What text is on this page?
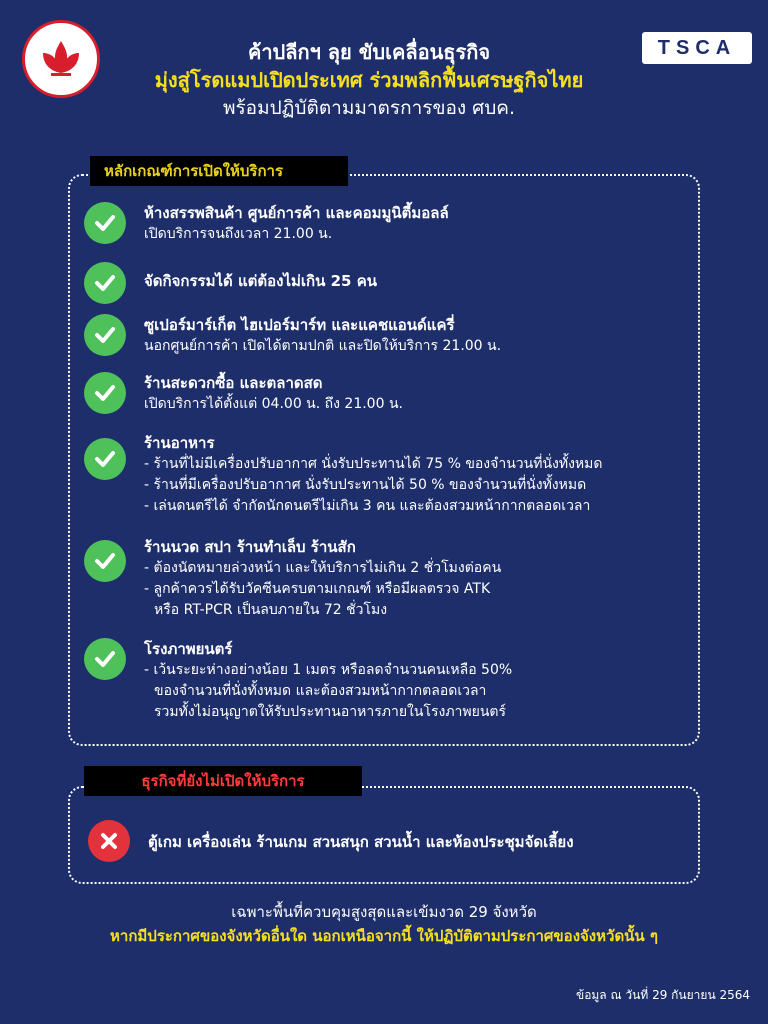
TSCA
ค้าปลีกฯ ลุย ขับเคลื่อนธุรกิจ
มุ่งสู่โรดแมปเปิดประเทศ ร่วมพลิกฟื้นเศรษฐกิจไทย
พร้อมปฏิบัติตามมาตรการของ ศบค.
หลักเกณฑ์การเปิดให้บริการ
ห้างสรรพสินค้า ศูนย์การค้า และคอมมูนิตี้มอลล์
เปิดบริการจนถึงเวลา 21.00 น.
จัดกิจกรรมได้ แต่ต้องไม่เกิน 25 คน
ซูเปอร์มาร์เก็ต ไฮเปอร์มาร์ท และแคชแอนด์แครี่
นอกศูนย์การค้า เปิดได้ตามปกติ และปิดให้บริการ 21.00 น.
ร้านสะดวกซื้อ และตลาดสด
เปิดบริการได้ตั้งแต่ 04.00 น. ถึง 21.00 น.
ร้านอาหาร
- ร้านที่ไม่มีเครื่องปรับอากาศ นั่งรับประทานได้ 75 % ของจำนวนที่นั่งทั้งหมด
- ร้านที่มีเครื่องปรับอากาศ นั่งรับประทานได้ 50 % ของจำนวนที่นั่งทั้งหมด
- เล่นดนตรีได้ จำกัดนักดนตรีไม่เกิน 3 คน และต้องสวมหน้ากากตลอดเวลา
ร้านนวด สปา ร้านทำเล็บ ร้านสัก
- ต้องนัดหมายล่วงหน้า และให้บริการไม่เกิน 2 ชั่วโมงต่อคน
- ลูกค้าควรได้รับวัคซีนครบตามเกณฑ์ หรือมีผลตรวจ ATK
หรือ RT-PCR เป็นลบภายใน 72 ชั่วโมง
โรงภาพยนตร์
- เว้นระยะห่างอย่างน้อย 1 เมตร หรือลดจำนวนคนเหลือ 50%
ของจำนวนที่นั่งทั้งหมด และต้องสวมหน้ากากตลอดเวลา
รวมทั้งไม่อนุญาตให้รับประทานอาหารภายในโรงภาพยนตร์
ธุรกิจที่ยังไม่เปิดให้บริการ
ตู้เกม เครื่องเล่น ร้านเกม สวนสนุก สวนน้ำ และห้องประชุมจัดเลี้ยง
เฉพาะพื้นที่ควบคุมสูงสุดและเข้มงวด 29 จังหวัด
หากมีประกาศของจังหวัดอื่นใด นอกเหนือจากนี้ ให้ปฏิบัติตามประกาศของจังหวัดนั้น ๆ
ข้อมูล ณ วันที่ 29 กันยายน 2564
